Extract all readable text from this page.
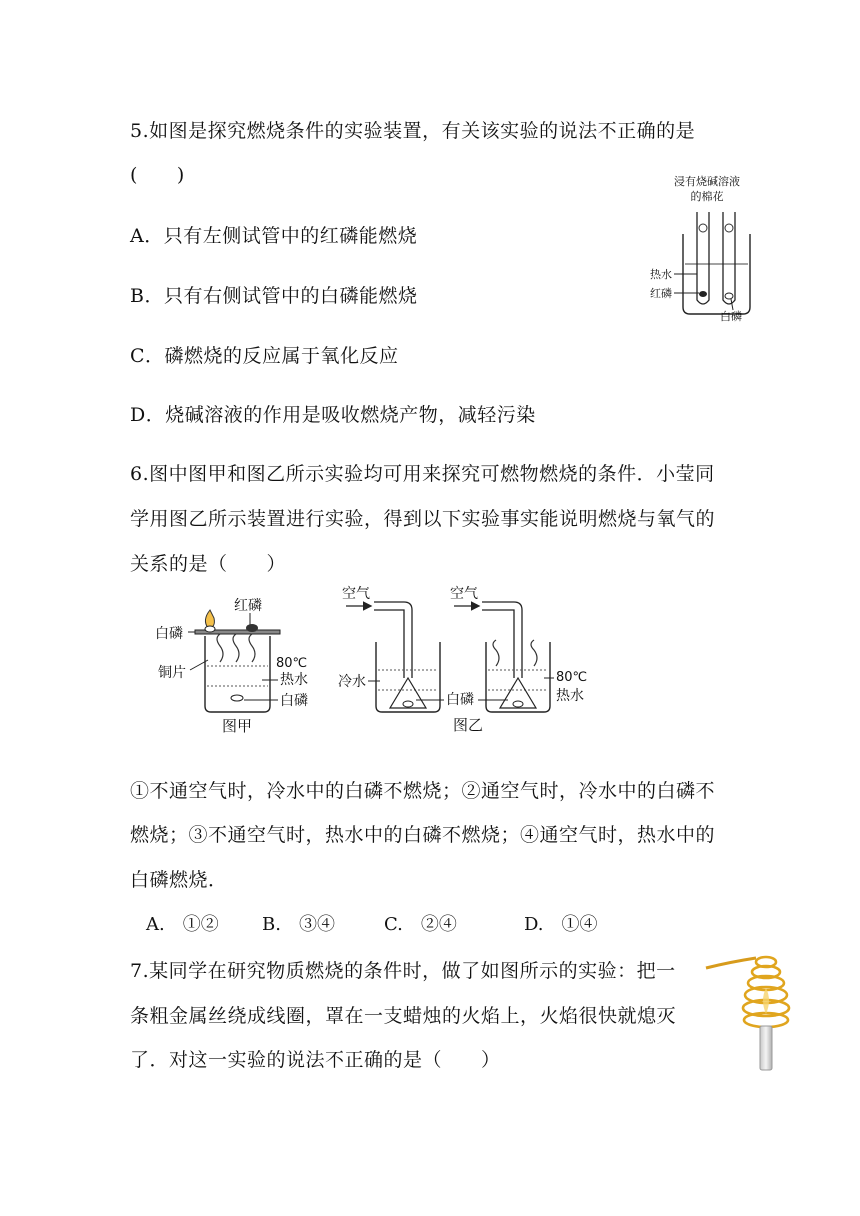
5.如图是探究燃烧条件的实验装置，有关该实验的说法不正确的是
(　　)
A．只有左侧试管中的红磷能燃烧
B．只有右侧试管中的白磷能燃烧
C．磷燃烧的反应属于氧化反应
D．烧碱溶液的作用是吸收燃烧产物，减轻污染
浸有烧碱溶液
的棉花
热水
红磷
白磷
6.图中图甲和图乙所示实验均可用来探究可燃物燃烧的条件．小莹同
学用图乙所示装置进行实验，得到以下实验事实能说明燃烧与氧气的
关系的是（　　）
红磷
白磷
铜片
80℃
热水
白磷
图甲
空气
冷水
白磷
空气
80℃
热水
图乙
①不通空气时，冷水中的白磷不燃烧；②通空气时，冷水中的白磷不
燃烧；③不通空气时，热水中的白磷不燃烧；④通空气时，热水中的
白磷燃烧．
A.　①② B.　③④	C.　②④	D.　①④
7.某同学在研究物质燃烧的条件时，做了如图所示的实验：把一
条粗金属丝绕成线圈，罩在一支蜡烛的火焰上，火焰很快就熄灭
了．对这一实验的说法不正确的是（　　）
